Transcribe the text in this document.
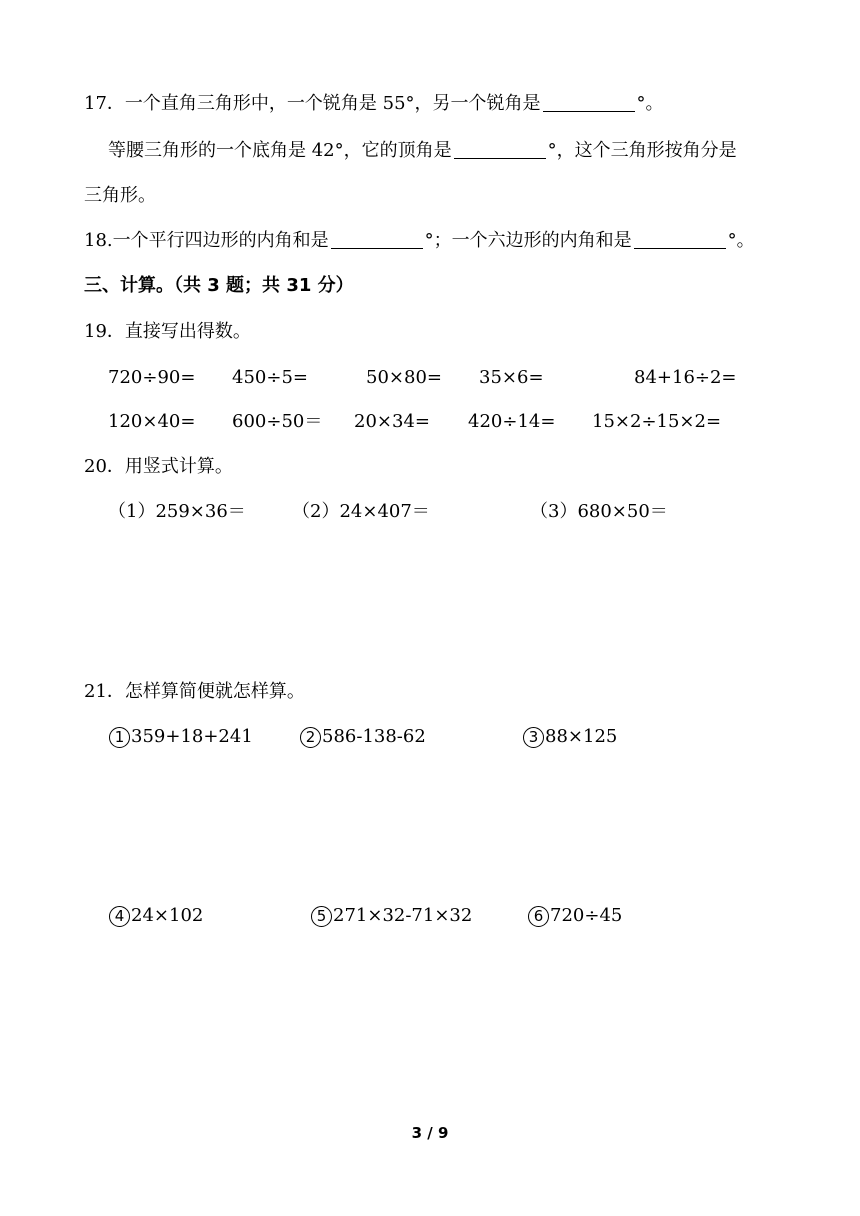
17．一个直角三角形中，一个锐角是 55°，另一个锐角是	°。
等腰三角形的一个底角是 42°，它的顶角是	°，这个三角形按角分是
三角形。
18.一个平行四边形的内角和是	°；一个六边形的内角和是	°。
三、计算。（共 3 题；共 31 分）
19．直接写出得数。
720÷90= 450÷5=	50×80= 35×6=	84+16÷2=
120×40= 600÷50＝ 20×34= 420÷14= 15×2÷15×2=
20．用竖式计算。
（1）259×36＝	（2）24×407＝	（3）680×50＝
21．怎样算简便就怎样算。
1 359+18+241	2 586-138-62	3 88×125
4 24×102	5 271×32-71×32	6 720÷45
3 / 9
